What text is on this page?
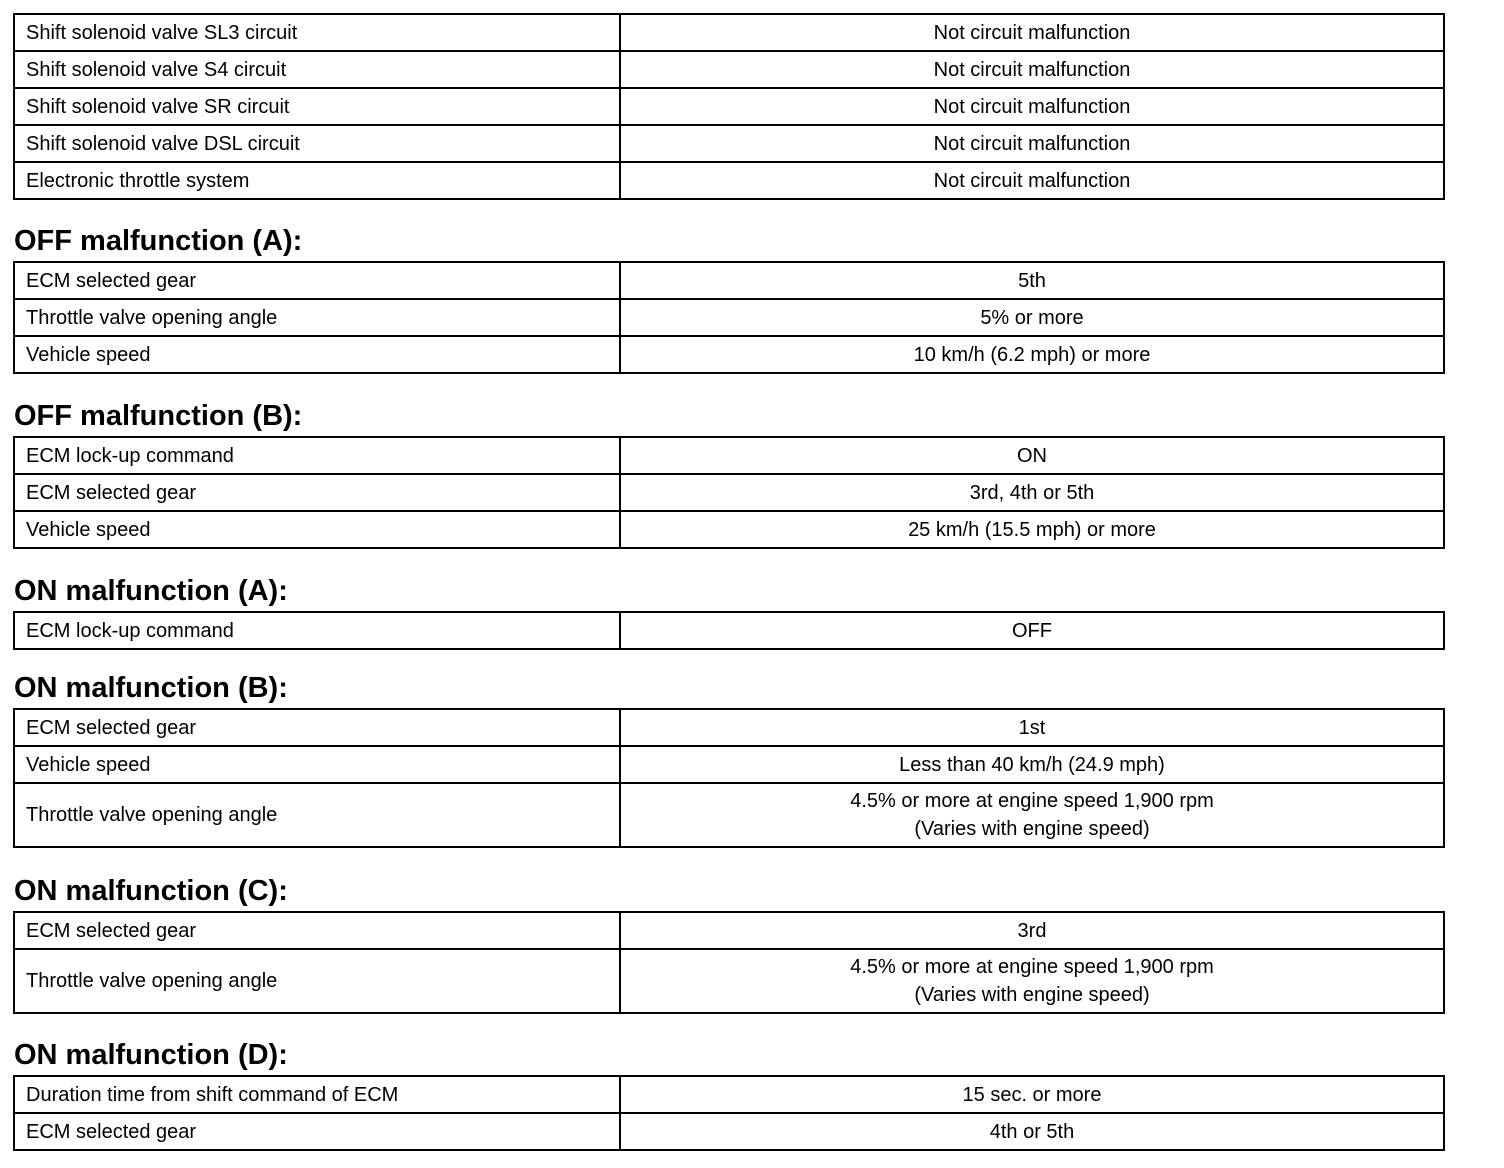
Shift solenoid valve SL3 circuit	Not circuit malfunction
Shift solenoid valve S4 circuit	Not circuit malfunction
Shift solenoid valve SR circuit	Not circuit malfunction
Shift solenoid valve DSL circuit	Not circuit malfunction
Electronic throttle system	Not circuit malfunction
OFF malfunction (A):
ECM selected gear	5th
Throttle valve opening angle	5% or more
Vehicle speed	10 km/h (6.2 mph) or more
OFF malfunction (B):
ECM lock-up command	ON
ECM selected gear	3rd, 4th or 5th
Vehicle speed	25 km/h (15.5 mph) or more
ON malfunction (A):
ECM lock-up command	OFF
ON malfunction (B):
ECM selected gear	1st
Vehicle speed	Less than 40 km/h (24.9 mph)
Throttle valve opening angle	4.5% or more at engine speed 1,900 rpm
(Varies with engine speed)
ON malfunction (C):
ECM selected gear	3rd
Throttle valve opening angle	4.5% or more at engine speed 1,900 rpm
(Varies with engine speed)
ON malfunction (D):
Duration time from shift command of ECM	15 sec. or more
ECM selected gear	4th or 5th
